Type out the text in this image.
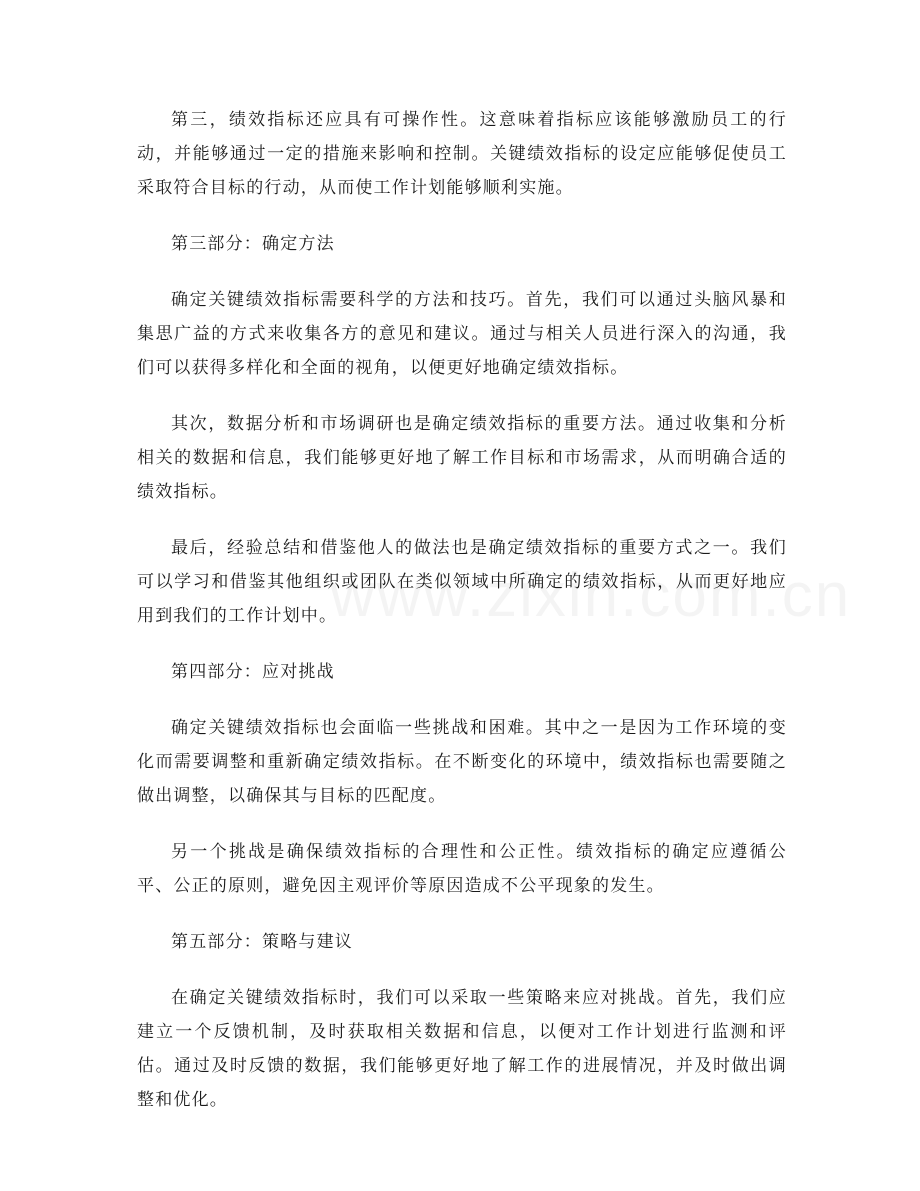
第三，绩效指标还应具有可操作性。这意味着指标应该能够激励员工的行动，并能够通过一定的措施来影响和控制。关键绩效指标的设定应能够促使员工采取符合目标的行动，从而使工作计划能够顺利实施。

第三部分：确定方法

确定关键绩效指标需要科学的方法和技巧。首先，我们可以通过头脑风暴和集思广益的方式来收集各方的意见和建议。通过与相关人员进行深入的沟通，我们可以获得多样化和全面的视角，以便更好地确定绩效指标。

其次，数据分析和市场调研也是确定绩效指标的重要方法。通过收集和分析相关的数据和信息，我们能够更好地了解工作目标和市场需求，从而明确合适的绩效指标。

最后，经验总结和借鉴他人的做法也是确定绩效指标的重要方式之一。我们可以学习和借鉴其他组织或团队在类似领域中所确定的绩效指标，从而更好地应用到我们的工作计划中。

第四部分：应对挑战

确定关键绩效指标也会面临一些挑战和困难。其中之一是因为工作环境的变化而需要调整和重新确定绩效指标。在不断变化的环境中，绩效指标也需要随之做出调整，以确保其与目标的匹配度。

另一个挑战是确保绩效指标的合理性和公正性。绩效指标的确定应遵循公平、公正的原则，避免因主观评价等原因造成不公平现象的发生。

第五部分：策略与建议

在确定关键绩效指标时，我们可以采取一些策略来应对挑战。首先，我们应建立一个反馈机制，及时获取相关数据和信息，以便对工作计划进行监测和评估。通过及时反馈的数据，我们能够更好地了解工作的进展情况，并及时做出调整和优化。
